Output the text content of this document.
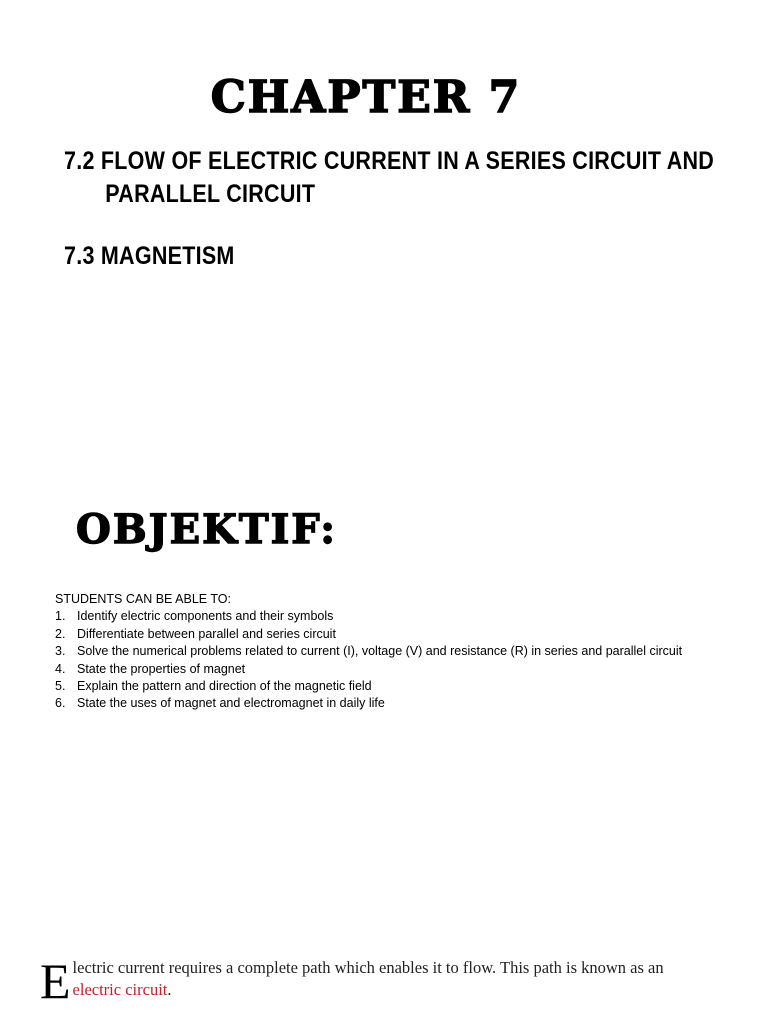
CHAPTER 7
7.2 FLOW OF ELECTRIC CURRENT IN A SERIES CIRCUIT AND
PARALLEL CIRCUIT
7.3 MAGNETISM
OBJEKTIF:
STUDENTS CAN BE ABLE TO:
1. Identify electric components and their symbols
2. Differentiate between parallel and series circuit
3. Solve the numerical problems related to current (I), voltage (V) and resistance (R) in series and parallel circuit
4. State the properties of magnet
5. Explain the pattern and direction of the magnetic field
6. State the uses of magnet and electromagnet in daily life

Electric current requires a complete path which enables it to flow. This path is known as an
electric circuit.
